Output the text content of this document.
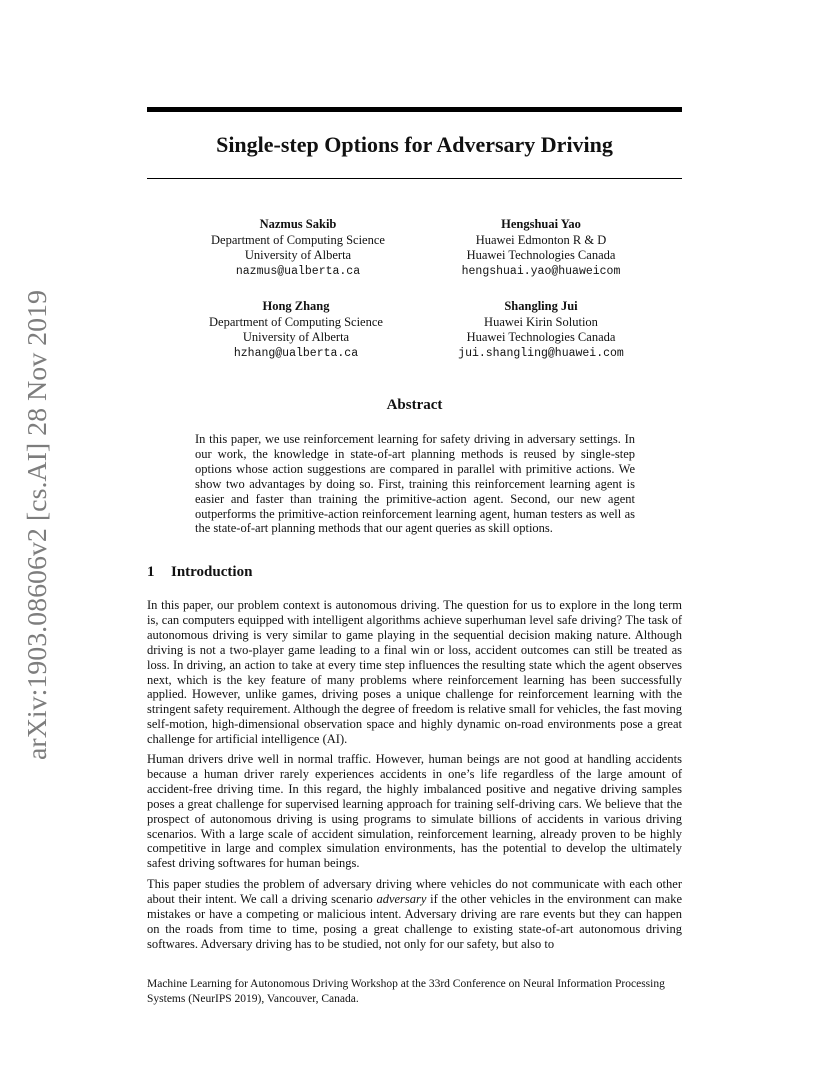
arXiv:1903.08606v2 [cs.AI] 28 Nov 2019
Single-step Options for Adversary Driving
Nazmus Sakib
Department of Computing Science
University of Alberta
nazmus@ualberta.ca
Hengshuai Yao
Huawei Edmonton R & D
Huawei Technologies Canada
hengshuai.yao@huaweicom
Hong Zhang
Department of Computing Science
University of Alberta
hzhang@ualberta.ca
Shangling Jui
Huawei Kirin Solution
Huawei Technologies Canada
jui.shangling@huawei.com
Abstract

In this paper, we use reinforcement learning for safety driving in adversary settings. In our work, the knowledge in state-of-art planning methods is reused by single-step options whose action suggestions are compared in parallel with primitive actions. We show two advantages by doing so. First, training this reinforcement learning agent is easier and faster than training the primitive-action agent. Second, our new agent outperforms the primitive-action reinforcement learning agent, human testers as well as the state-of-art planning methods that our agent queries as skill options.

1 Introduction

In this paper, our problem context is autonomous driving. The question for us to explore in the long term is, can computers equipped with intelligent algorithms achieve superhuman level safe driving? The task of autonomous driving is very similar to game playing in the sequential decision making nature. Although driving is not a two-player game leading to a final win or loss, accident outcomes can still be treated as loss. In driving, an action to take at every time step influences the resulting state which the agent observes next, which is the key feature of many problems where reinforcement learning has been successfully applied. However, unlike games, driving poses a unique challenge for reinforcement learning with the stringent safety requirement. Although the degree of freedom is relative small for vehicles, the fast moving self-motion, high-dimensional observation space and highly dynamic on-road environments pose a great challenge for artificial intelligence (AI).

Human drivers drive well in normal traffic. However, human beings are not good at handling accidents because a human driver rarely experiences accidents in one’s life regardless of the large amount of accident-free driving time. In this regard, the highly imbalanced positive and negative driving samples poses a great challenge for supervised learning approach for training self-driving cars. We believe that the prospect of autonomous driving is using programs to simulate billions of accidents in various driving scenarios. With a large scale of accident simulation, reinforcement learning, already proven to be highly competitive in large and complex simulation environments, has the potential to develop the ultimately safest driving softwares for human beings.

This paper studies the problem of adversary driving where vehicles do not communicate with each other about their intent. We call a driving scenario adversary if the other vehicles in the environment can make mistakes or have a competing or malicious intent. Adversary driving are rare events but they can happen on the roads from time to time, posing a great challenge to existing state-of-art autonomous driving softwares. Adversary driving has to be studied, not only for our safety, but also to

Machine Learning for Autonomous Driving Workshop at the 33rd Conference on Neural Information Processing Systems (NeurIPS 2019), Vancouver, Canada.
